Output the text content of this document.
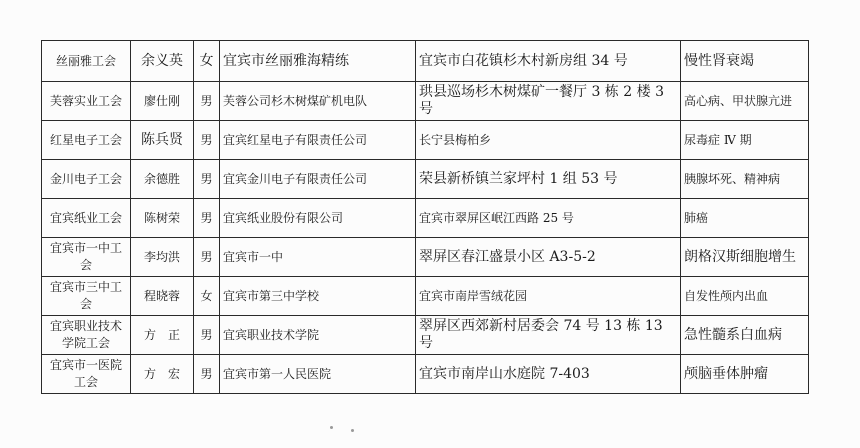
丝丽雅工会	余义英	女	宜宾市丝丽雅海精练	宜宾市白花镇杉木村新房组 34 号	慢性肾衰竭
芙蓉实业工会	廖仕刚	男	芙蓉公司杉木树煤矿机电队	珙县巡场杉木树煤矿一餐厅 3 栋 2 楼 3 号	高心病、甲状腺亢进
红星电子工会	陈兵贤	男	宜宾红星电子有限责任公司	长宁县梅柏乡	尿毒症 Ⅳ 期
金川电子工会	余德胜	男	宜宾金川电子有限责任公司	荣县新桥镇兰家坪村 1 组 53 号	胰腺坏死、精神病
宜宾纸业工会	陈树荣	男	宜宾纸业股份有限公司	宜宾市翠屏区岷江西路 25 号	肺癌
宜宾市一中工会	李均洪	男	宜宾市一中	翠屏区春江盛景小区 A3-5-2	朗格汉斯细胞增生
宜宾市三中工会	程晓蓉	女	宜宾市第三中学校	宜宾市南岸雪绒花园	自发性颅内出血
宜宾职业技术学院工会	方　正	男	宜宾职业技术学院	翠屏区西郊新村居委会 74 号 13 栋 13 号	急性髓系白血病
宜宾市一医院工会	方　宏	男	宜宾市第一人民医院	宜宾市南岸山水庭院 7-403	颅脑垂体肿瘤
